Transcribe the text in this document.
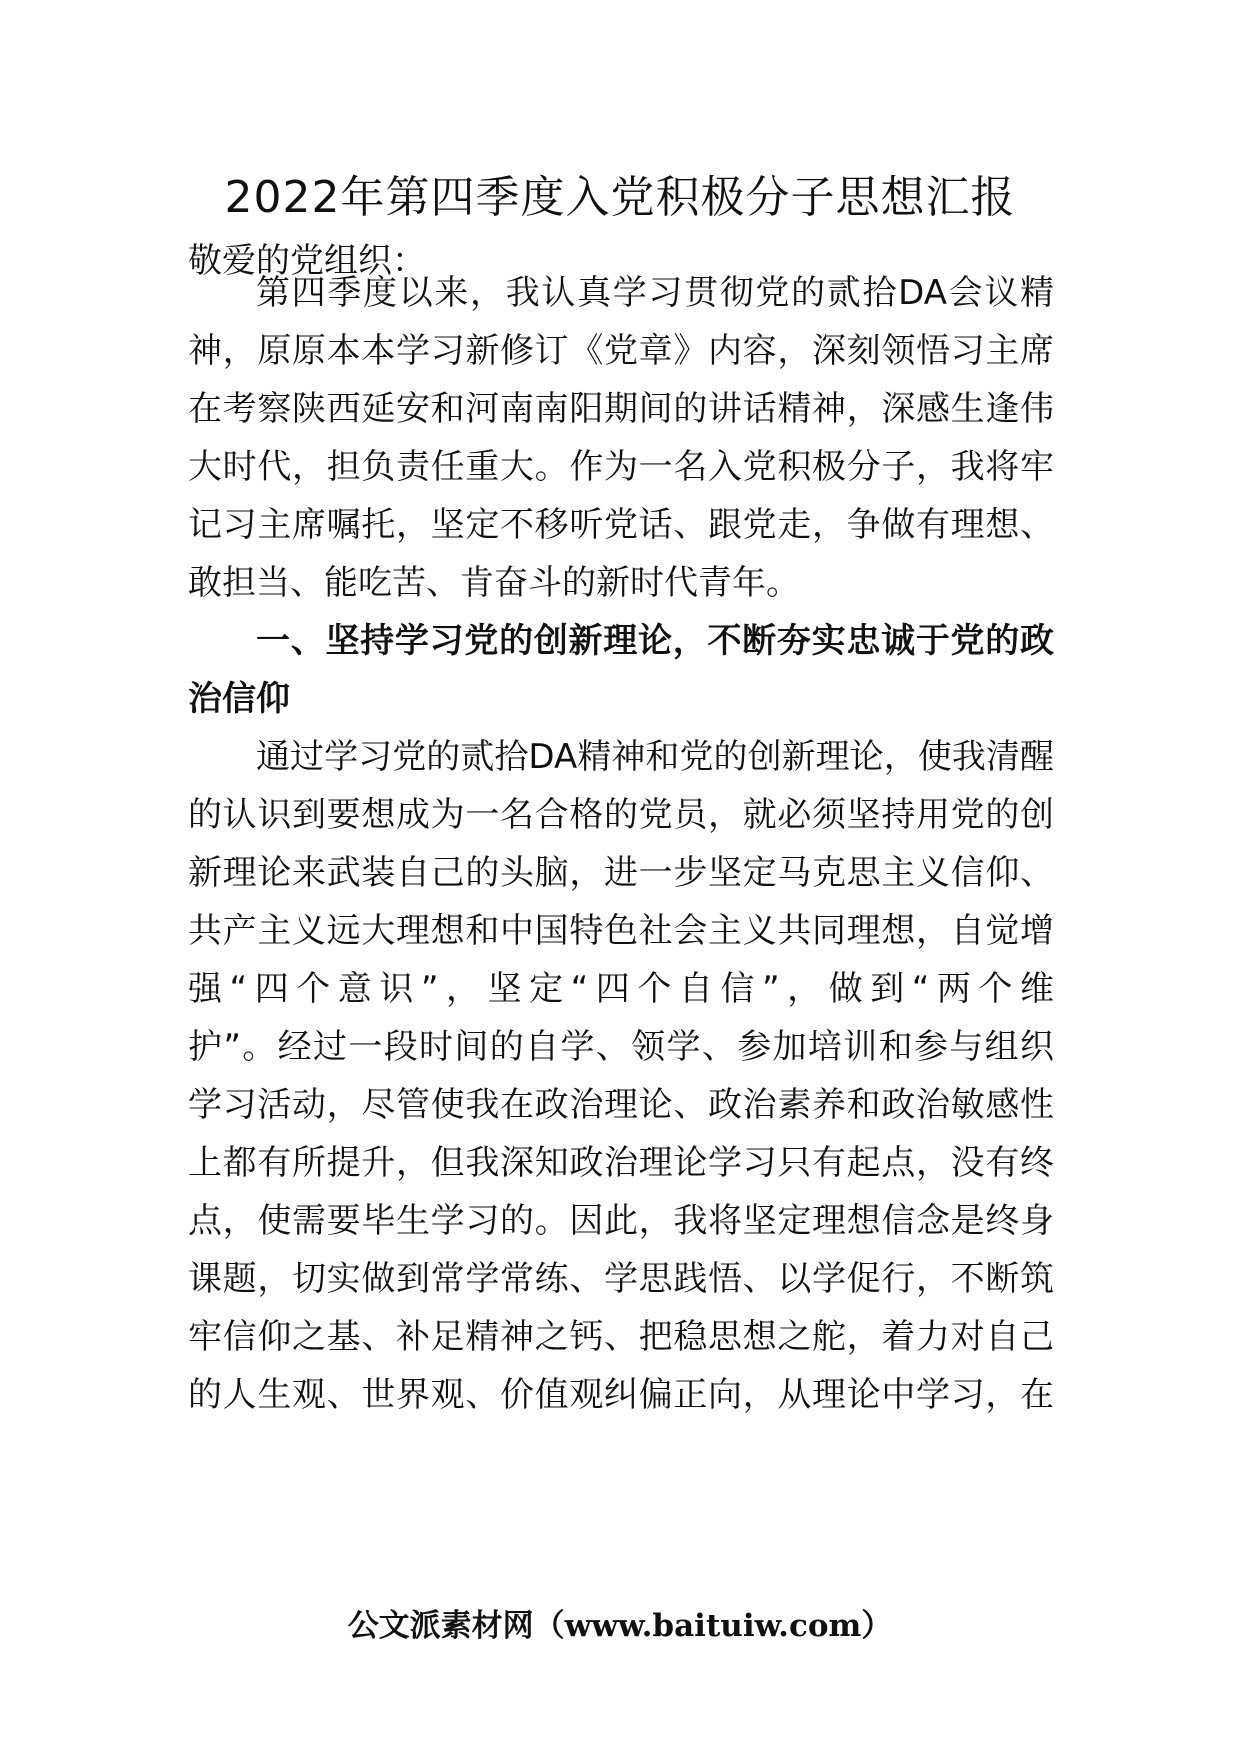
2022年第四季度入党积极分子思想汇报
敬爱的党组织：
第四季度以来，我认真学习贯彻党的贰拾DA会议精
神，原原本本学习新修订《党章》内容，深刻领悟习主席
在考察陕西延安和河南南阳期间的讲话精神，深感生逢伟
大时代，担负责任重大。作为一名入党积极分子，我将牢
记习主席嘱托，坚定不移听党话、跟党走，争做有理想、
敢担当、能吃苦、肯奋斗的新时代青年。
一、坚持学习党的创新理论，不断夯实忠诚于党的政
治信仰
通过学习党的贰拾DA精神和党的创新理论，使我清醒
的认识到要想成为一名合格的党员，就必须坚持用党的创
新理论来武装自己的头脑，进一步坚定马克思主义信仰、
共产主义远大理想和中国特色社会主义共同理想，自觉增
强“四个意识”，坚定“四个自信”，做到“两个维
护”。经过一段时间的自学、领学、参加培训和参与组织
学习活动，尽管使我在政治理论、政治素养和政治敏感性
上都有所提升，但我深知政治理论学习只有起点，没有终
点，使需要毕生学习的。因此，我将坚定理想信念是终身
课题，切实做到常学常练、学思践悟、以学促行，不断筑
牢信仰之基、补足精神之钙、把稳思想之舵，着力对自己
的人生观、世界观、价值观纠偏正向，从理论中学习，在
公文派素材网（www.baituiw.com）
